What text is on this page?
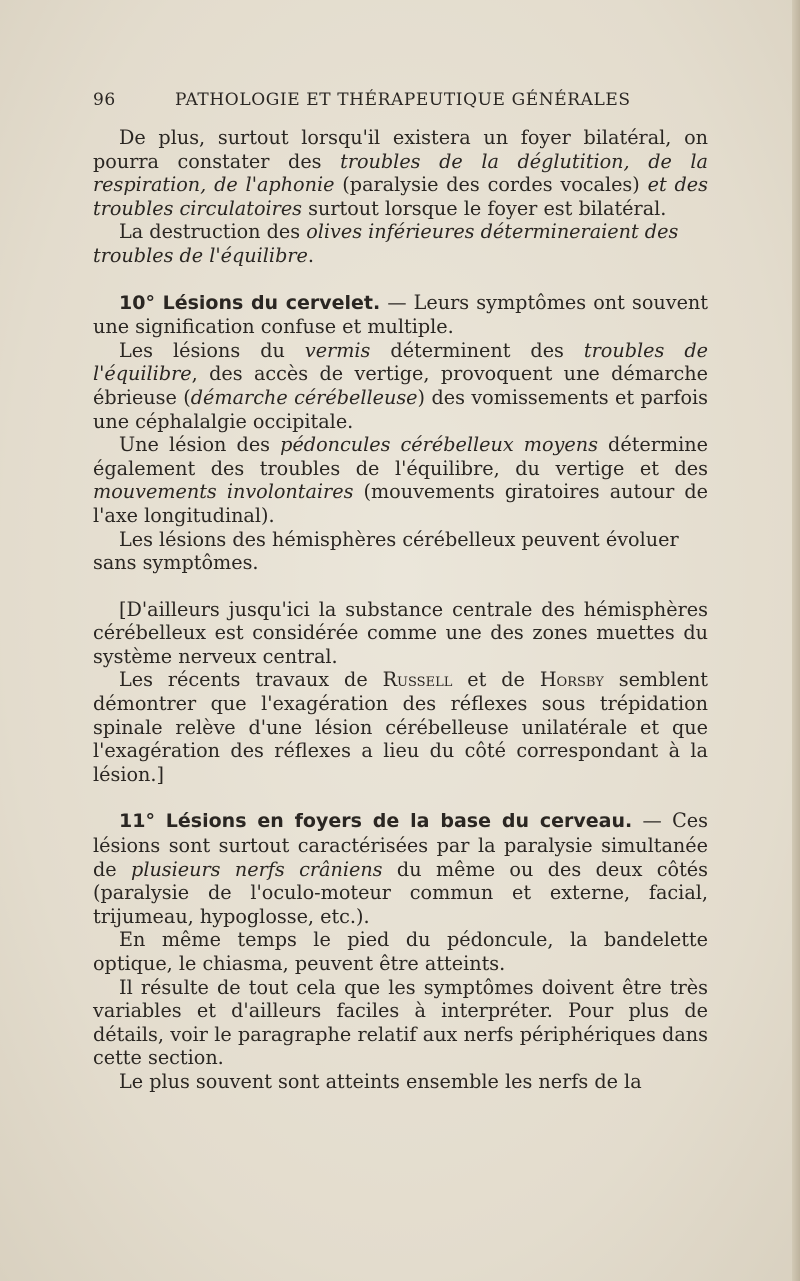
96	PATHOLOGIE ET THÉRAPEUTIQUE GÉNÉRALES

De plus, surtout lorsqu'il existera un foyer bilatéral, on pourra constater des troubles de la déglutition, de la respiration, de l'aphonie (paralysie des cordes vocales) et des troubles circulatoires surtout lorsque le foyer est bilatéral.

La destruction des olives inférieures détermineraient des troubles de l'équilibre.

10° Lésions du cervelet. — Leurs symptômes ont souvent une signification confuse et multiple.

Les lésions du vermis déterminent des troubles de l'équilibre, des accès de vertige, provoquent une démarche ébrieuse (démarche cérébelleuse) des vomissements et parfois une céphalalgie occipitale.

Une lésion des pédoncules cérébelleux moyens détermine également des troubles de l'équilibre, du vertige et des mouvements involontaires (mouvements giratoires autour de l'axe longitudinal).

Les lésions des hémisphères cérébelleux peuvent évoluer sans symptômes.

[D'ailleurs jusqu'ici la substance centrale des hémisphères cérébelleux est considérée comme une des zones muettes du système nerveux central.

Les récents travaux de Russell et de Horsby semblent démontrer que l'exagération des réflexes sous trépidation spinale relève d'une lésion cérébelleuse unilatérale et que l'exagération des réflexes a lieu du côté correspondant à la lésion.]

11° Lésions en foyers de la base du cerveau. — Ces lésions sont surtout caractérisées par la paralysie simultanée de plusieurs nerfs crâniens du même ou des deux côtés (paralysie de l'oculo-moteur commun et externe, facial, trijumeau, hypoglosse, etc.).

En même temps le pied du pédoncule, la bandelette optique, le chiasma, peuvent être atteints.

Il résulte de tout cela que les symptômes doivent être très variables et d'ailleurs faciles à interpréter. Pour plus de détails, voir le paragraphe relatif aux nerfs périphériques dans cette section.

Le plus souvent sont atteints ensemble les nerfs de la
